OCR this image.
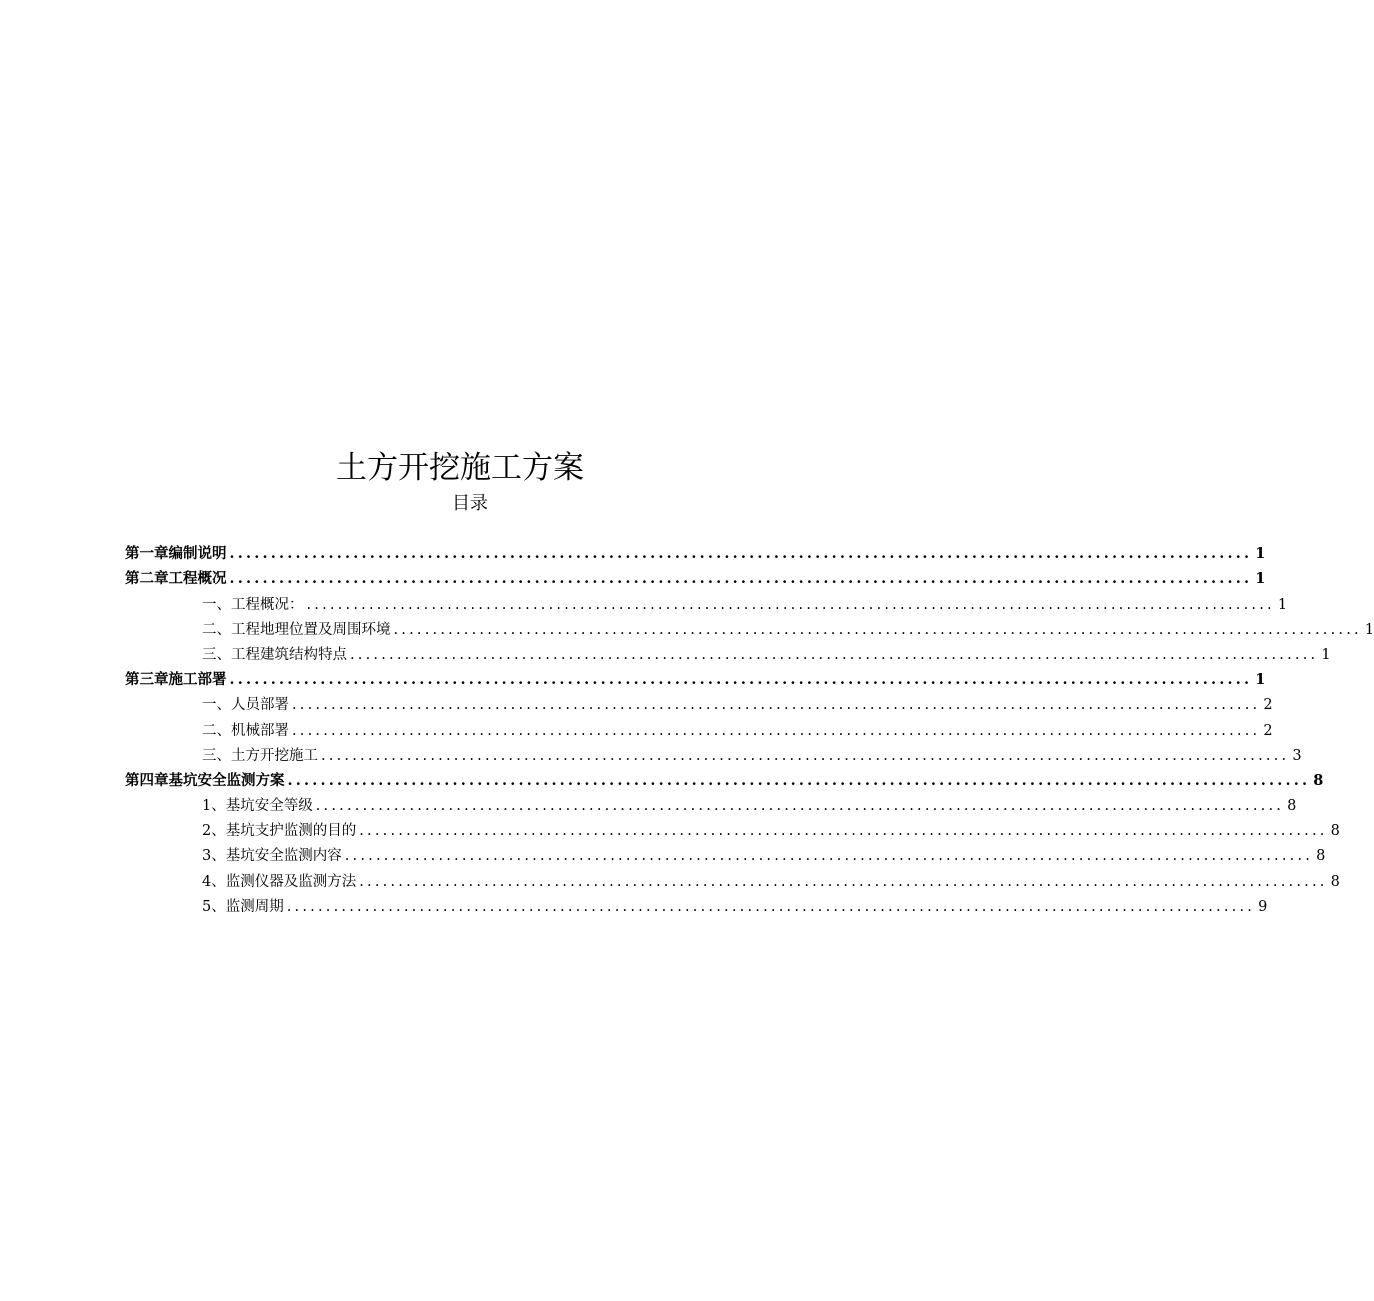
土方开挖施工方案
目录
第一章 编制说明 ............................................................................................................................ 1
第二章工程概况 ............................................................................................................................ 1
一、工程概况： ............................................................................................................................ 1
二、工程地理位置及周围环境 ............................................................................................................................ 1
三、工程建筑结构特点 ............................................................................................................................ 1
第三章 施工部署 ............................................................................................................................ 1
一、人员部署 ............................................................................................................................ 2
二、机械部署 ............................................................................................................................ 2
三、土方开挖施工 ............................................................................................................................ 3
第四章 基坑安全监测方案 ............................................................................................................................ 8
1、基坑安全等级 ............................................................................................................................ 8
2、基坑支护监测的目的 ............................................................................................................................ 8
3、基坑安全监测内容 ............................................................................................................................ 8
4、监测仪器及监测方法 ............................................................................................................................ 8
5、监测周期 ............................................................................................................................ 9
